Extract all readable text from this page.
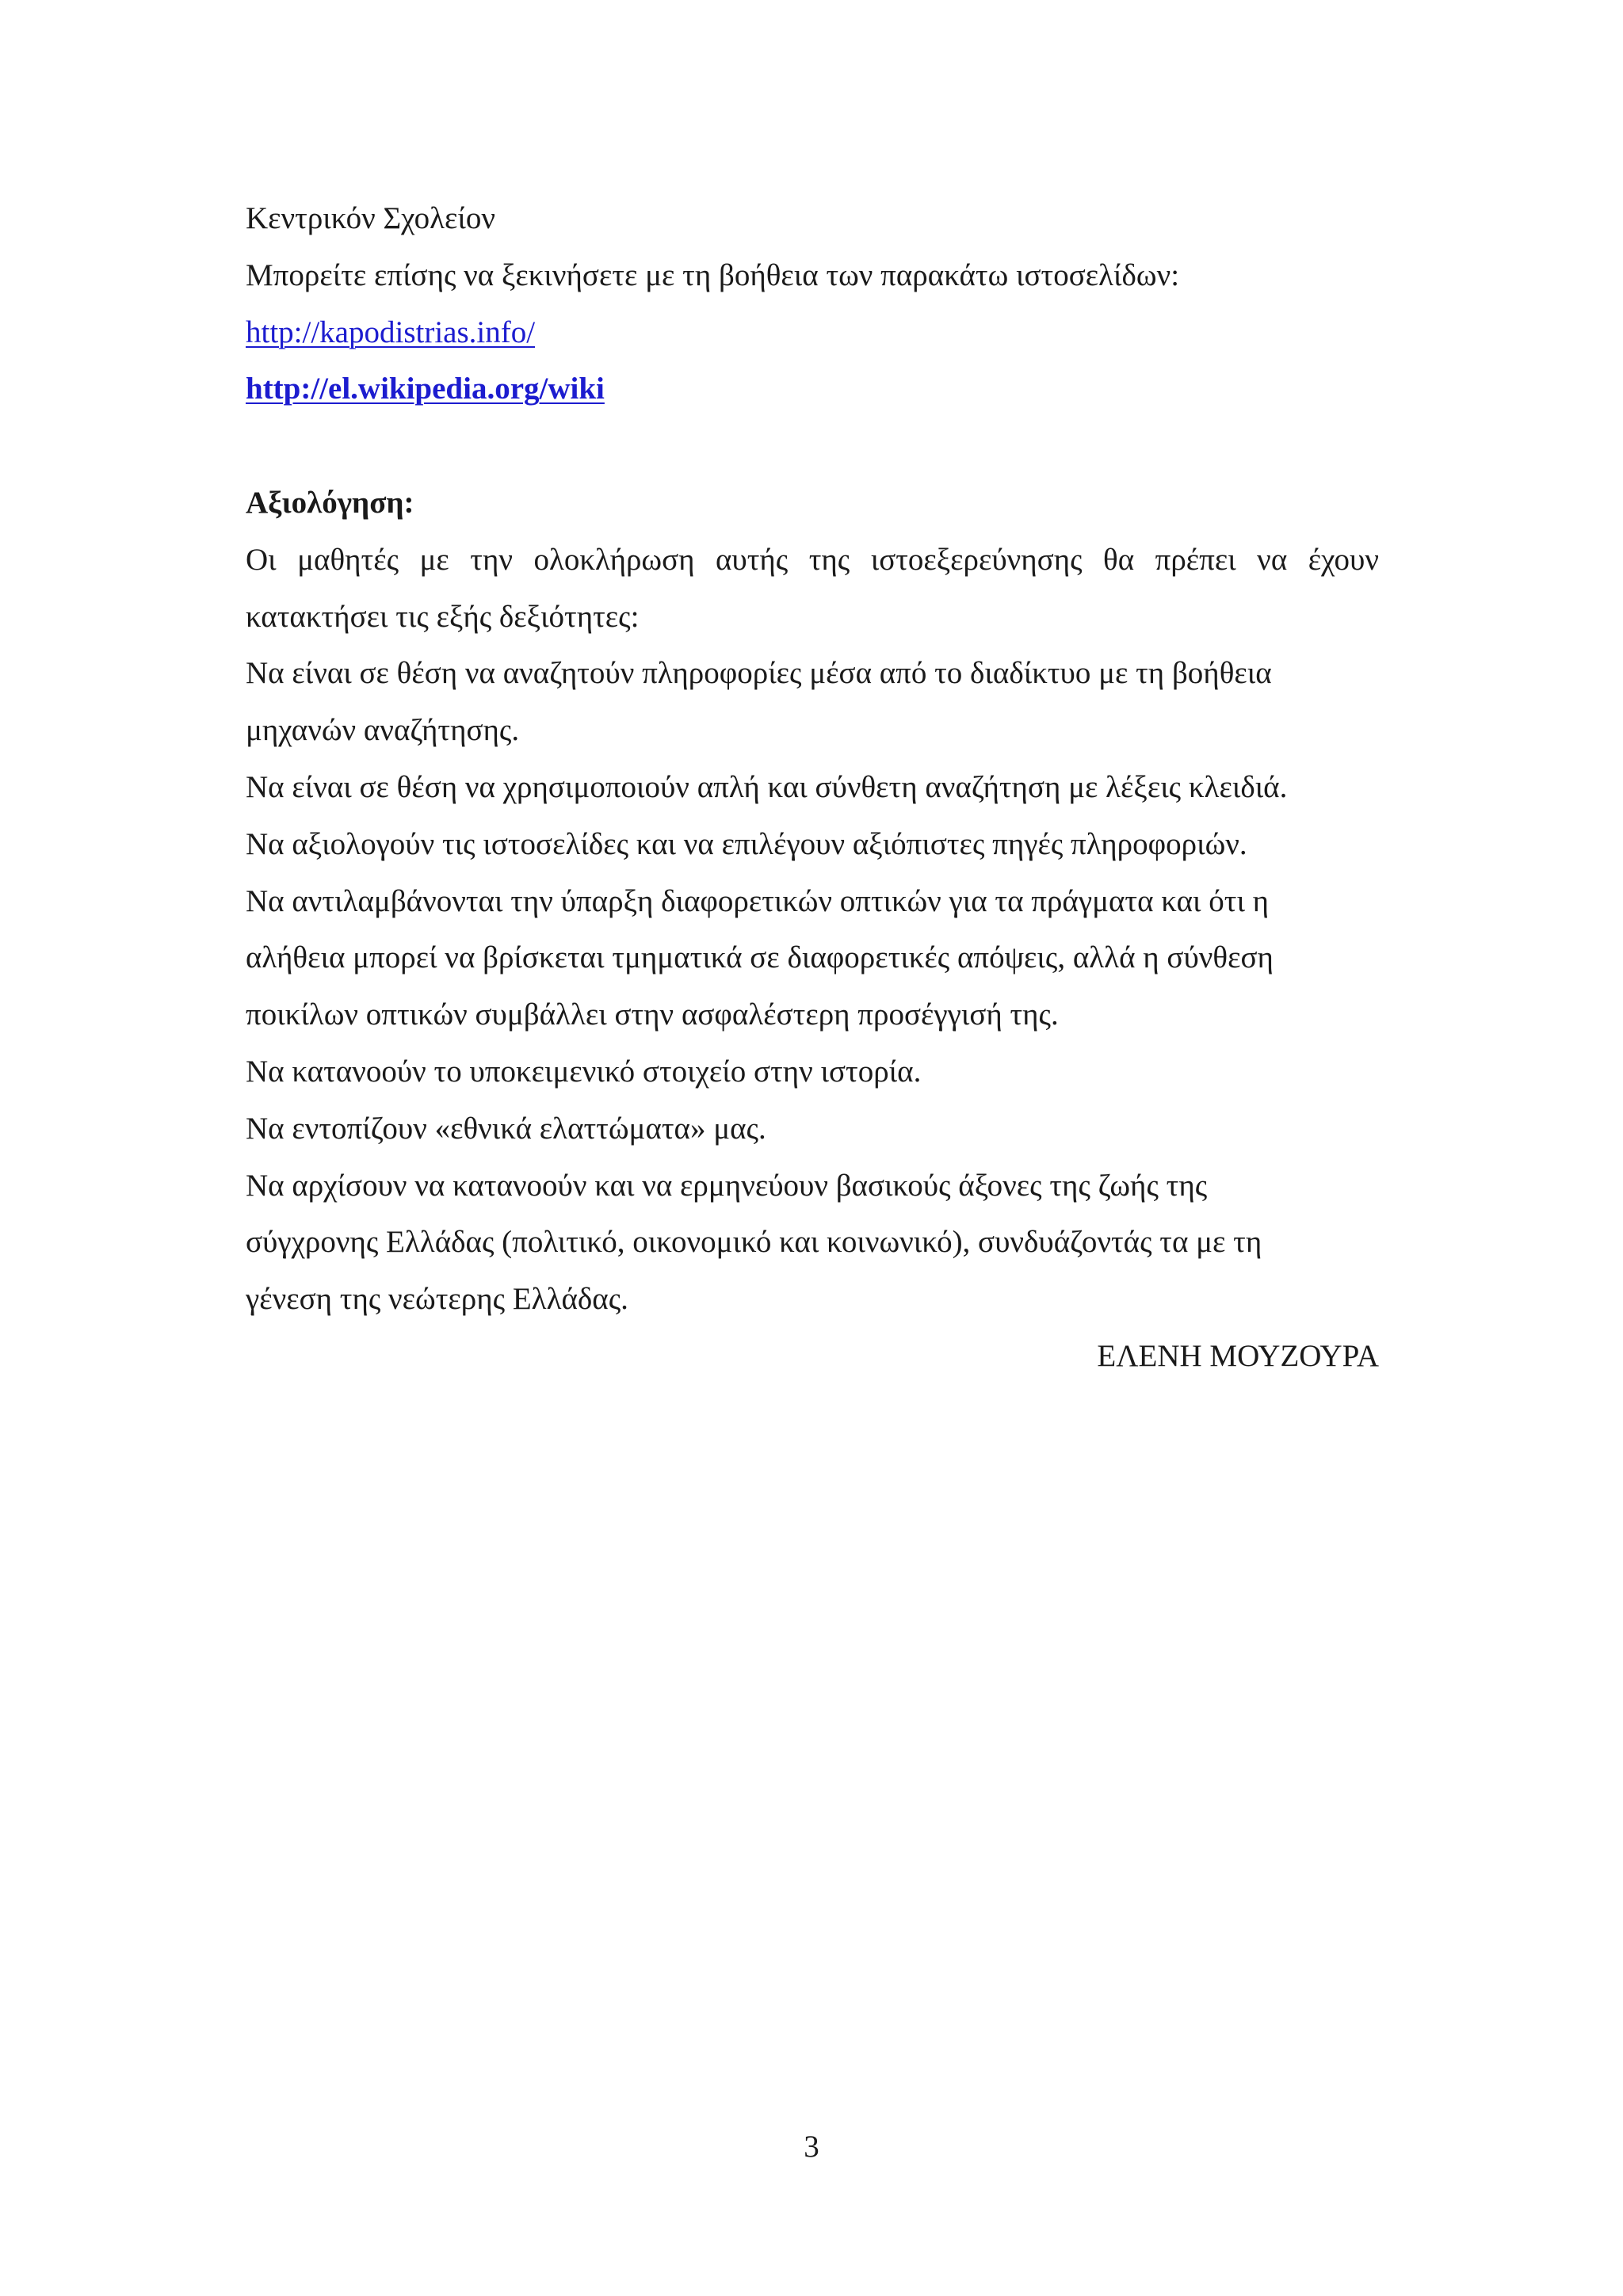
Κεντρικόν Σχολείον

Μπορείτε επίσης να ξεκινήσετε με τη βοήθεια των παρακάτω ιστοσελίδων:

http://kapodistrias.info/

http://el.wikipedia.org/wiki

Αξιολόγηση:

Οι μαθητές με την ολοκλήρωση αυτής της ιστοεξερεύνησης θα πρέπει να έχουν

κατακτήσει τις εξής δεξιότητες:

Να είναι σε θέση να αναζητούν πληροφορίες μέσα από το διαδίκτυο με τη βοήθεια

μηχανών αναζήτησης.

Να είναι σε θέση να χρησιμοποιούν απλή και σύνθετη αναζήτηση με λέξεις κλειδιά.

Να αξιολογούν τις ιστοσελίδες και να επιλέγουν αξιόπιστες πηγές πληροφοριών.

Να αντιλαμβάνονται την ύπαρξη διαφορετικών οπτικών για τα πράγματα και ότι η

αλήθεια μπορεί να βρίσκεται τμηματικά σε διαφορετικές απόψεις, αλλά η σύνθεση

ποικίλων οπτικών συμβάλλει στην ασφαλέστερη προσέγγισή της.

Να κατανοούν το υποκειμενικό στοιχείο στην ιστορία.

Να εντοπίζουν «εθνικά ελαττώματα» μας.

Να αρχίσουν να κατανοούν και να ερμηνεύουν βασικούς άξονες της ζωής της

σύγχρονης Ελλάδας (πολιτικό, οικονομικό και κοινωνικό), συνδυάζοντάς τα με τη

γένεση της νεώτερης Ελλάδας.

ΕΛΕΝΗ ΜΟΥΖΟΥΡΑ

3
